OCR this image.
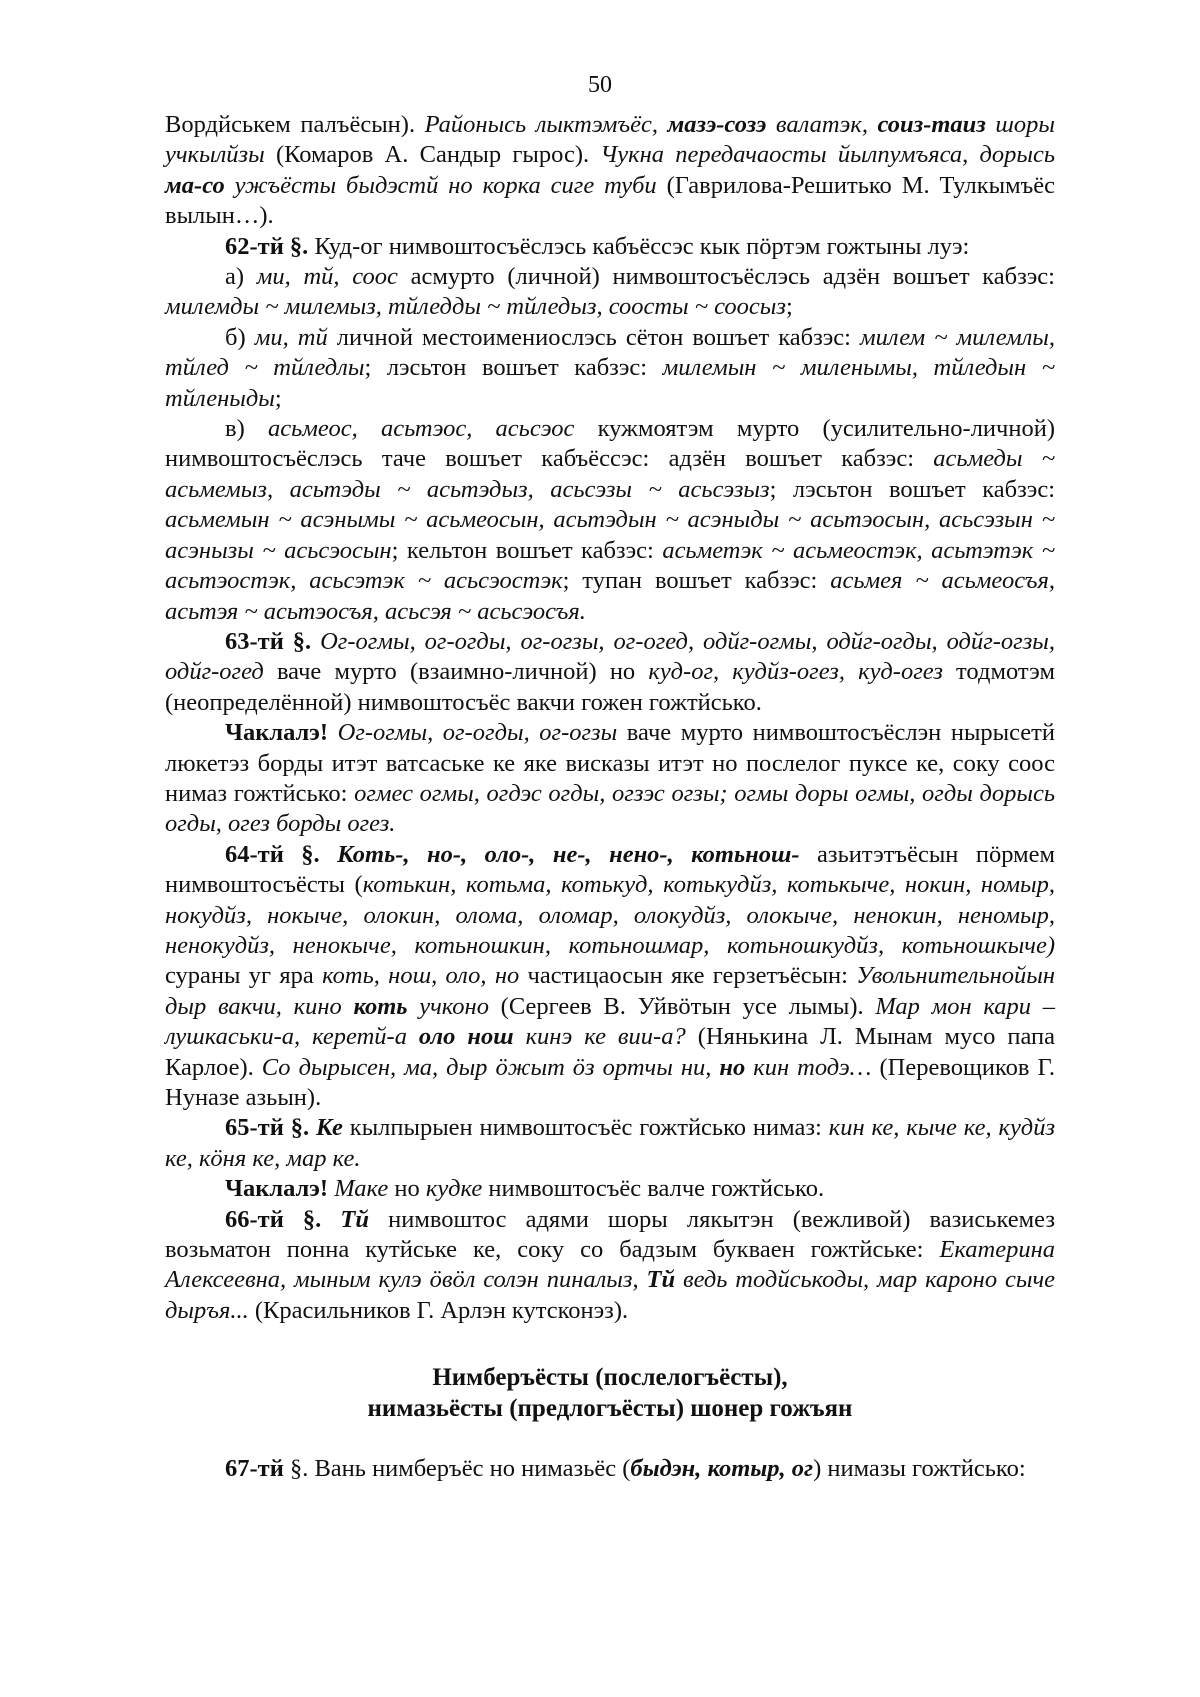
50

Вордйськем палъёсын). Районысь лыктэмъёс, мазэ-созэ валатэк, соиз-таиз шоры учкылйзы (Комаров А. Сандыр гырос). Чукна передачаосты йылпумъяса, дорысь ма-со ужъёсты быдэстй но корка сиге туби (Гаврилова-Решитько М. Тулкымъёс вылын…).

62-тй §. Куд-ог нимвоштосъёслэсь кабъёссэс кык пöртэм гожтыны луэ:

а) ми, тй, соос асмурто (личной) нимвоштосъёслэсь адзён вошъет кабзэс: милемды ~ милемыз, тйледды ~ тйледыз, соосты ~ соосыз;

б) ми, тй личной местоимениослэсь сётон вошъет кабзэс: милем ~ милемлы, тйлед ~ тйледлы; лэсьтон вошъет кабзэс: милемын ~ миленымы, тйледын ~ тйленыды;

в) асьмеос, асьтэос, асьсэос кужмоятэм мурто (усилительно-личной) нимвоштосъёслэсь таче вошъет кабъёссэс: адзён вошъет кабзэс: асьмеды ~ асьмемыз, асьтэды ~ асьтэдыз, асьсэзы ~ асьсэзыз; лэсьтон вошъет кабзэс: асьмемын ~ асэнымы ~ асьмеосын, асьтэдын ~ асэныды ~ асьтэосын, асьсэзын ~ асэнызы ~ асьсэосын; кельтон вошъет кабзэс: асьметэк ~ асьмеостэк, асьтэтэк ~ асьтэостэк, асьсэтэк ~ асьсэостэк; тупан вошъет кабзэс: асьмея ~ асьмеосъя, асьтэя ~ асьтэосъя, асьсэя ~ асьсэосъя.

63-тй §. Ог-огмы, ог-огды, ог-огзы, ог-огед, одйг-огмы, одйг-огды, одйг-огзы, одйг-огед ваче мурто (взаимно-личной) но куд-ог, кудйз-огез, куд-огез тодмотэм (неопределённой) нимвоштосъёс вакчи гожен гожтйсько.

Чаклалэ! Ог-огмы, ог-огды, ог-огзы ваче мурто нимвоштосъёслэн нырысетй люкетэз борды итэт ватсаське ке яке висказы итэт но послелог пуксе ке, соку соос нимаз гожтйсько: огмес огмы, огдэс огды, огзэс огзы; огмы доры огмы, огды дорысь огды, огез борды огез.

64-тй §. Коть-, но-, оло-, не-, нено-, котьнош- азьитэтъёсын пöрмем нимвоштосъёсты (котькин, котьма, котькуд, котькудйз, котькыче, нокин, номыр, нокудйз, нокыче, олокин, олома, оломар, олокудйз, олокыче, ненокин, неномыр, ненокудйз, ненокыче, котьношкин, котьношмар, котьношкудйз, котьношкыче) сураны уг яра коть, нош, оло, но частицаосын яке герзетъёсын: Увольнительнойын дыр вакчи, кино коть учконо (Сергеев В. Уйвöтын усе лымы). Мар мон кари – лушкаськи-а, керетй-а оло нош кинэ ке вии-а? (Нянькина Л. Мынам мусо папа Карлое). Со дырысен, ма, дыр öжыт öз ортчы ни, но кин тодэ… (Перевощиков Г. Нуназе азьын).

65-тй §. Ке кылпырыен нимвоштосъёс гожтйсько нимаз: кин ке, кыче ке, кудйз ке, кöня ке, мар ке.

Чаклалэ! Маке но кудке нимвоштосъёс валче гожтйсько.

66-тй §. Тй нимвоштос адями шоры лякытэн (вежливой) вазиськемез возьматон понна кутйське ке, соку со бадзым букваен гожтйське: Екатерина Алексеевна, мыным кулэ öвöл солэн пиналыз, Тй ведь тодйськоды, мар кароно сыче дыръя... (Красильников Г. Арлэн кутсконэз).

Нимберъёсты (послелогъёсты),

нимазьёсты (предлогъёсты) шонер гожъян

67-тй §. Вань нимберъёс но нимазьёс (быдэн, котыр, ог) нимазы гожтйсько:
